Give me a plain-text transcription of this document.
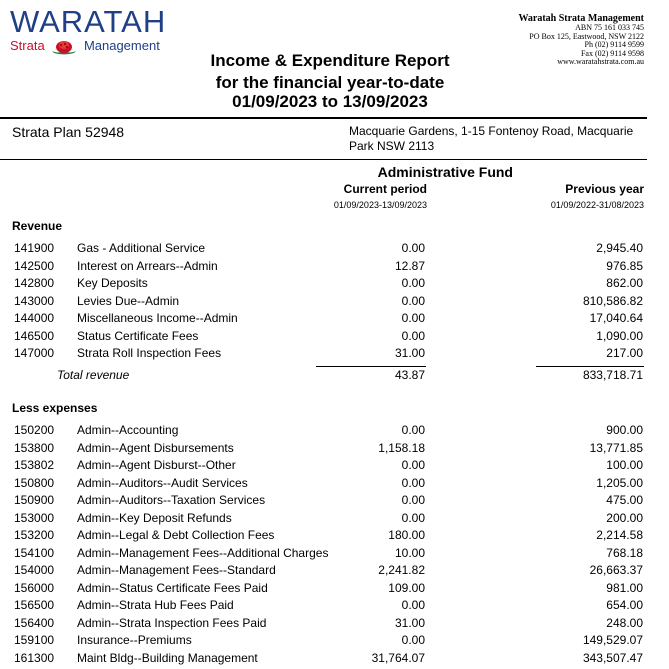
WARATAH
Strata	Management
Income & Expenditure Report
for the financial year-to-date
01/09/2023 to 13/09/2023
Waratah Strata Management
ABN 75 161 033 745
PO Box 125, Eastwood, NSW 2122
Ph (02) 9114 9599
Fax (02) 9114 9598
www.waratahstrata.com.au
Strata Plan 52948	Macquarie Gardens, 1-15 Fontenoy Road, Macquarie
Park NSW 2113
Administrative Fund
Current period	Previous year
01/09/2023-13/09/2023	01/09/2022-31/08/2023
Revenue
141900 Gas - Additional Service	0.00	2,945.40
142500 Interest on Arrears--Admin	12.87	976.85
142800 Key Deposits	0.00	862.00
143000 Levies Due--Admin	0.00	810,586.82
144000 Miscellaneous Income--Admin	0.00	17,040.64
146500 Status Certificate Fees	0.00	1,090.00
147000 Strata Roll Inspection Fees	31.00	217.00
Total revenue	43.87	833,718.71
Less expenses
150200 Admin--Accounting	0.00	900.00
153800 Admin--Agent Disbursements	1,158.18	13,771.85
153802 Admin--Agent Disburst--Other	0.00	100.00
150800 Admin--Auditors--Audit Services	0.00	1,205.00
150900 Admin--Auditors--Taxation Services	0.00	475.00
153000 Admin--Key Deposit Refunds	0.00	200.00
153200 Admin--Legal & Debt Collection Fees	180.00	2,214.58
154100 Admin--Management Fees--Additional Charges	10.00	768.18
154000 Admin--Management Fees--Standard	2,241.82	26,663.37
156000 Admin--Status Certificate Fees Paid	109.00	981.00
156500 Admin--Strata Hub Fees Paid	0.00	654.00
156400 Admin--Strata Inspection Fees Paid	31.00	248.00
159100 Insurance--Premiums	0.00	149,529.07
161300 Maint Bldg--Building Management	31,764.07	343,507.47
